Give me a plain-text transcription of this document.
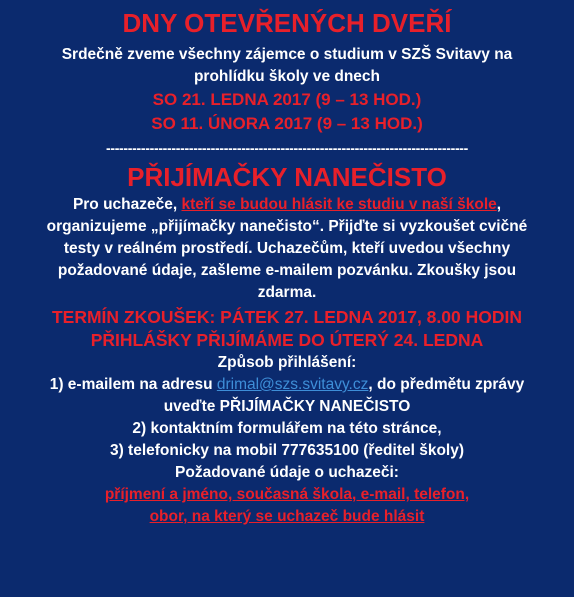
DNY OTEVŘENÝCH DVEŘÍ

Srdečně zveme všechny zájemce o studium v SZŠ Svitavy na

prohlídku školy ve dnech

SO 21. LEDNA 2017 (9 – 13 HOD.)

SO 11. ÚNORA 2017 (9 – 13 HOD.)

-----------------------------------------------------------------------------------

PŘIJÍMAČKY NANEČISTO

Pro uchazeče, kteří se budou hlásit ke studiu v naší škole,

organizujeme „přijímačky nanečisto“. Přijďte si vyzkoušet cvičné

testy v reálném prostředí. Uchazečům, kteří uvedou všechny

požadované údaje, zašleme e-mailem pozvánku. Zkoušky jsou

zdarma.

TERMÍN ZKOUŠEK: PÁTEK 27. LEDNA 2017, 8.00 HODIN

PŘIHLÁŠKY PŘIJÍMÁME DO ÚTERÝ 24. LEDNA

Způsob přihlášení:

1) e-mailem na adresu drimal@szs.svitavy.cz, do předmětu zprávy

uveďte PŘIJÍMAČKY NANEČISTO

2) kontaktním formulářem na této stránce,

3) telefonicky na mobil 777635100 (ředitel školy)

Požadované údaje o uchazeči:

příjmení a jméno, současná škola, e-mail, telefon,

obor, na který se uchazeč bude hlásit
